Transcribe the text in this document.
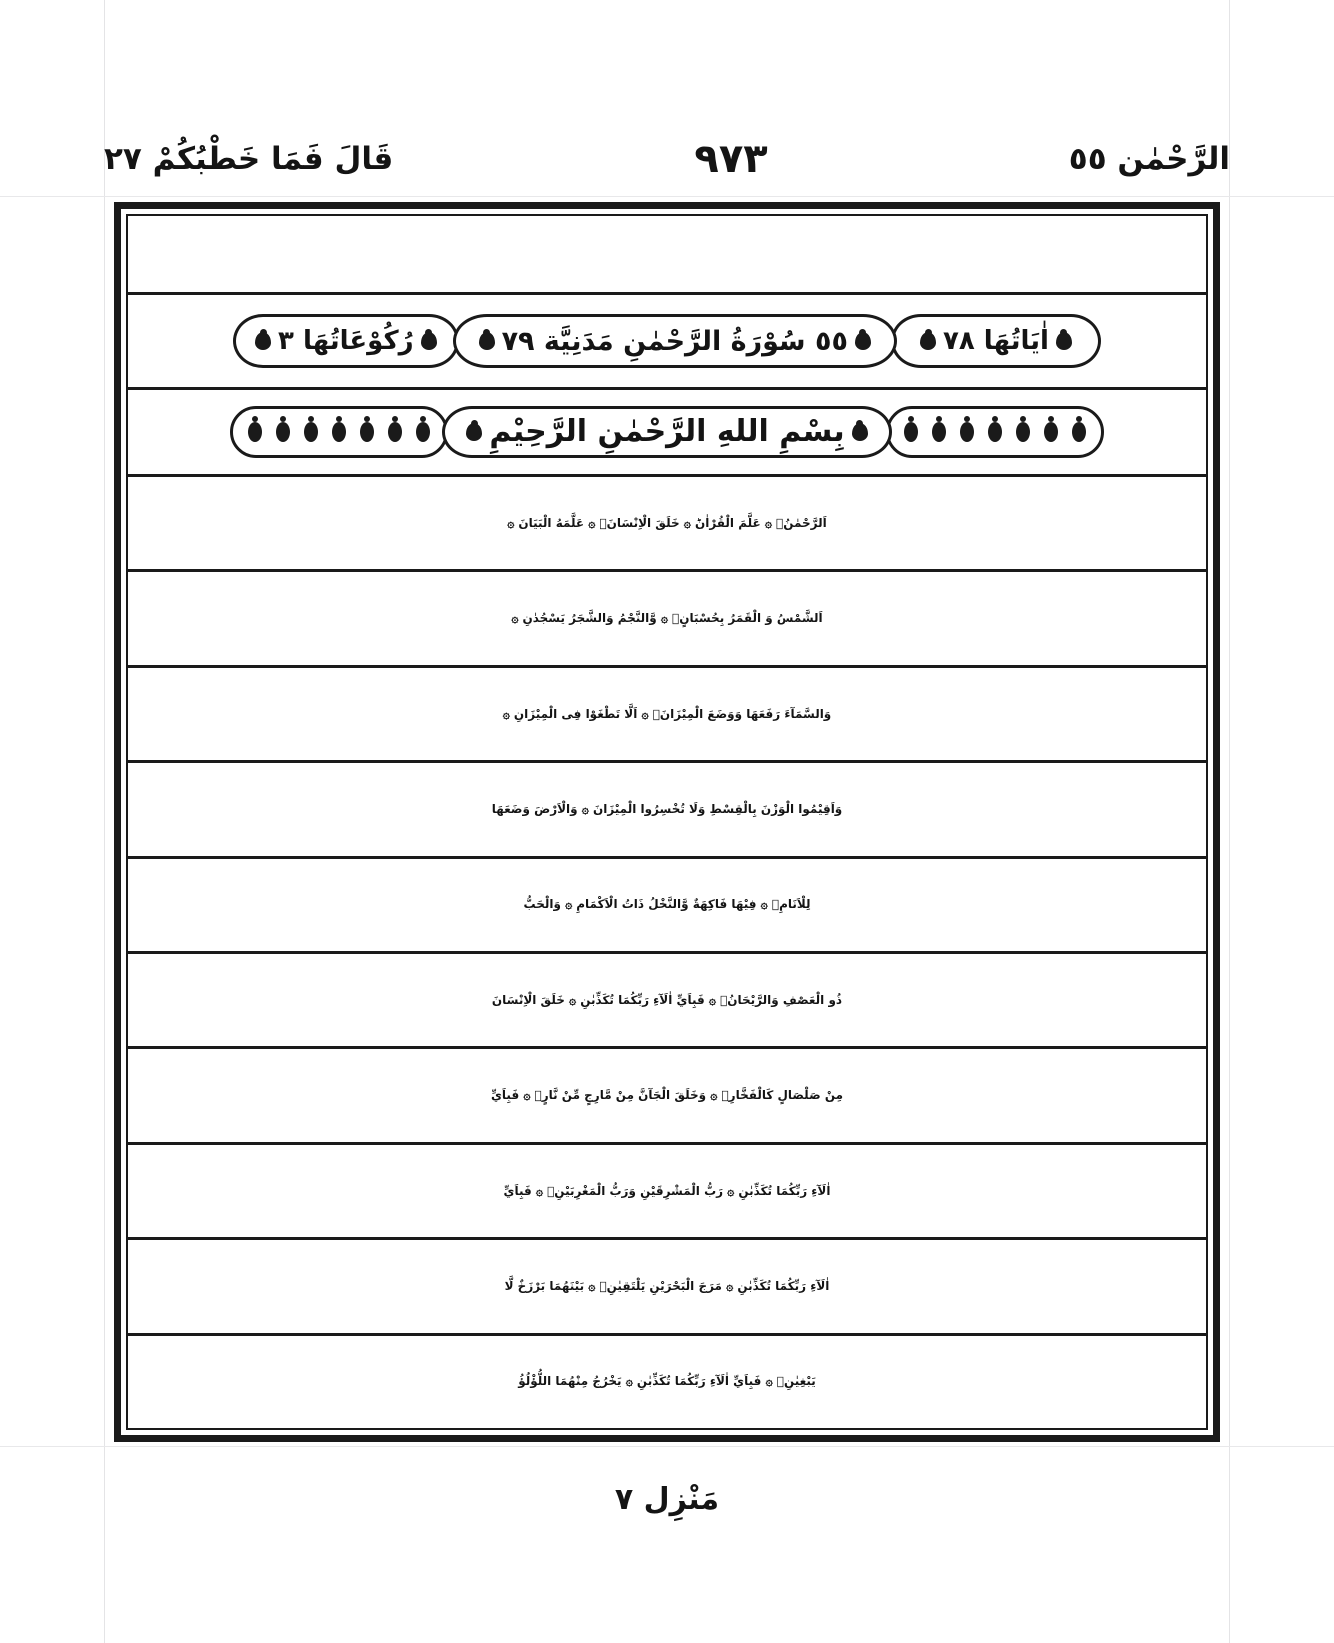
الرَّحْمٰن ٥٥
٩٧٣
قَالَ فَمَا خَطْبُكُمْ ٢٧
اٰيَاتُهَا ٧٨
٥٥ سُوْرَةُ الرَّحْمٰنِ مَدَنِيَّة ٧٩
رُكُوْعَاتُهَا ٣
بِسْمِ اللهِ الرَّحْمٰنِ الرَّحِيْمِ
اَلرَّحْمٰنُۙ ۞ عَلَّمَ الْقُرْاٰنَؕ ۞ خَلَقَ الْاِنْسَانَۙ ۞ عَلَّمَهُ الْبَيَانَ ۞
اَلشَّمْسُ وَ الْقَمَرُ بِحُسْبَانٍۙ ۞ وَّالنَّجْمُ وَالشَّجَرُ يَسْجُدٰنِ ۞
وَالسَّمَآءَ رَفَعَهَا وَوَضَعَ الْمِيْزَانَۙ ۞ اَلَّا تَطْغَوْا فِى الْمِيْزَانِ ۞
وَاَقِيْمُوا الْوَزْنَ بِالْقِسْطِ وَلَا تُخْسِرُوا الْمِيْزَانَ ۞ وَالْاَرْضَ وَضَعَهَا
لِلْاَنَامِۙ ۞ فِيْهَا فَاكِهَةٌ وَّالنَّخْلُ ذَاتُ الْاَكْمَامِ ۞ وَالْحَبُّ
ذُو الْعَصْفِ وَالرَّيْحَانُۚ ۞ فَبِاَيِّ اٰلَآءِ رَبِّكُمَا تُكَذِّبٰنِ ۞ خَلَقَ الْاِنْسَانَ
مِنْ صَلْصَالٍ كَالْفَخَّارِۙ ۞ وَخَلَقَ الْجَآنَّ مِنْ مَّارِجٍ مِّنْ نَّارٍۚ ۞ فَبِاَيِّ
اٰلَآءِ رَبِّكُمَا تُكَذِّبٰنِ ۞ رَبُّ الْمَشْرِقَيْنِ وَرَبُّ الْمَغْرِبَيْنِۚ ۞ فَبِاَيِّ
اٰلَآءِ رَبِّكُمَا تُكَذِّبٰنِ ۞ مَرَجَ الْبَحْرَيْنِ يَلْتَقِيٰنِۙ ۞ بَيْنَهُمَا بَرْزَخٌ لَّا
يَبْغِيٰنِۚ ۞ فَبِاَيِّ اٰلَآءِ رَبِّكُمَا تُكَذِّبٰنِ ۞ يَخْرُجُ مِنْهُمَا اللُّؤْلُؤُ
مَنْزِل ٧
